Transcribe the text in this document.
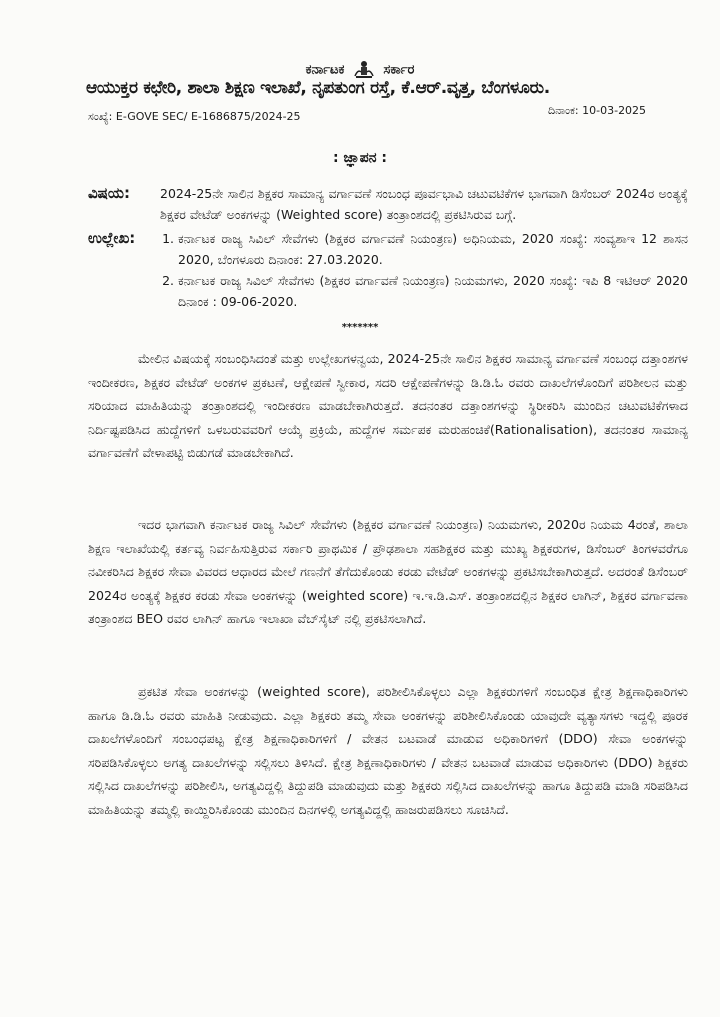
ಕರ್ನಾಟಕ	ಸರ್ಕಾರ
ಆಯುಕ್ತರ ಕಛೇರಿ, ಶಾಲಾ ಶಿಕ್ಷಣ ಇಲಾಖೆ, ನೃಪತುಂಗ ರಸ್ತೆ, ಕೆ.ಆರ್.ವೃತ್ತ, ಬೆಂಗಳೂರು.
ದಿನಾಂಕ: 10-03-2025
ಸಂಖ್ಯೆ: E-GOVE SEC/ E-1686875/2024-25
: ಜ್ಞಾಪನ :
ವಿಷಯ:	2024-25ನೇ ಸಾಲಿನ ಶಿಕ್ಷಕರ ಸಾಮಾನ್ಯ ವರ್ಗಾವಣೆ ಸಂಬಂಧ ಪೂರ್ವಭಾವಿ ಚಟುವಟಿಕೆಗಳ ಭಾಗವಾಗಿ ಡಿಸೆಂಬರ್ 2024ರ ಅಂತ್ಯಕ್ಕೆ ಶಿಕ್ಷಕರ ವೇಟೆಡ್ ಅಂಕಗಳನ್ನು (Weighted score) ತಂತ್ರಾಂಶದಲ್ಲಿ ಪ್ರಕಟಿಸಿರುವ ಬಗ್ಗೆ.
ಉಲ್ಲೇಖ:	1. ಕರ್ನಾಟಕ ರಾಜ್ಯ ಸಿವಿಲ್ ಸೇವೆಗಳು (ಶಿಕ್ಷಕರ ವರ್ಗಾವಣೆ ನಿಯಂತ್ರಣ) ಅಧಿನಿಯಮ, 2020 ಸಂಖ್ಯೆ: ಸಂವ್ಯಶಾಇ 12 ಶಾಸನ 2020, ಬೆಂಗಳೂರು ದಿನಾಂಕ: 27.03.2020.
2. ಕರ್ನಾಟಕ ರಾಜ್ಯ ಸಿವಿಲ್ ಸೇವೆಗಳು (ಶಿಕ್ಷಕರ ವರ್ಗಾವಣೆ ನಿಯಂತ್ರಣ) ನಿಯಮಗಳು, 2020 ಸಂಖ್ಯೆ: ಇಪಿ 8 ಇಟಿಆರ್ 2020 ದಿನಾಂಕ : 09-06-2020.
*******

ಮೇಲಿನ ವಿಷಯಕ್ಕೆ ಸಂಬಂಧಿಸಿದಂತೆ ಮತ್ತು ಉಲ್ಲೇಖಗಳನ್ವಯ, 2024-25ನೇ ಸಾಲಿನ ಶಿಕ್ಷಕರ ಸಾಮಾನ್ಯ ವರ್ಗಾವಣೆ ಸಂಬಂಧ ದತ್ತಾಂಶಗಳ ಇಂದೀಕರಣ, ಶಿಕ್ಷಕರ ವೇಟೆಡ್ ಅಂಕಗಳ ಪ್ರಕಟಣೆ, ಆಕ್ಷೇಪಣೆ ಸ್ವೀಕಾರ, ಸದರಿ ಆಕ್ಷೇಪಣೆಗಳನ್ನು ಡಿ.ಡಿ.ಓ ರವರು ದಾಖಲೆಗಳೊಂದಿಗೆ ಪರಿಶೀಲನ ಮತ್ತು ಸರಿಯಾದ ಮಾಹಿತಿಯನ್ನು ತಂತ್ರಾಂಶದಲ್ಲಿ ಇಂದೀಕರಣ ಮಾಡಬೇಕಾಗಿರುತ್ತದೆ. ತದನಂತರ ದತ್ತಾಂಶಗಳನ್ನು ಸ್ಥಿರೀಕರಿಸಿ ಮುಂದಿನ ಚಟುವಟಿಕೆಗಳಾದ ನಿರ್ದಿಷ್ಟಪಡಿಸಿದ ಹುದ್ದೆಗಳಿಗೆ ಒಳಬರುವವರಿಗೆ ಆಯ್ಕೆ ಪ್ರಕ್ರಿಯೆ, ಹುದ್ದೆಗಳ ಸರ್ಮಪಕ ಮರುಹಂಚಿಕೆ(Rationalisation), ತದನಂತರ ಸಾಮಾನ್ಯ ವರ್ಗಾವಣೆಗೆ ವೇಳಾಪಟ್ಟಿ ಬಿಡುಗಡೆ ಮಾಡಬೇಕಾಗಿದೆ.

ಇದರ ಭಾಗವಾಗಿ ಕರ್ನಾಟಕ ರಾಜ್ಯ ಸಿವಿಲ್ ಸೇವೆಗಳು (ಶಿಕ್ಷಕರ ವರ್ಗಾವಣೆ ನಿಯಂತ್ರಣ) ನಿಯಮಗಳು, 2020ರ ನಿಯಮ 4ರಂತೆ, ಶಾಲಾ ಶಿಕ್ಷಣ ಇಲಾಖೆಯಲ್ಲಿ ಕರ್ತವ್ಯ ನಿರ್ವಹಿಸುತ್ತಿರುವ ಸರ್ಕಾರಿ ಪ್ರಾಥಮಿಕ / ಪ್ರೌಢಶಾಲಾ ಸಹಶಿಕ್ಷಕರ ಮತ್ತು ಮುಖ್ಯ ಶಿಕ್ಷಕರುಗಳ, ಡಿಸೆಂಬರ್ ತಿಂಗಳವರೆಗೂ ನವೀಕರಿಸಿದ ಶಿಕ್ಷಕರ ಸೇವಾ ವಿವರದ ಆಧಾರದ ಮೇಲೆ ಗಣನೆಗೆ ತೆಗೆದುಕೊಂಡು ಕರಡು ವೇಟೆಡ್ ಅಂಕಗಳನ್ನು ಪ್ರಕಟಿಸಬೇಕಾಗಿರುತ್ತದೆ. ಅದರಂತೆ ಡಿಸೆಂಬರ್ 2024ರ ಅಂತ್ಯಕ್ಕೆ ಶಿಕ್ಷಕರ ಕರಡು ಸೇವಾ ಅಂಕಗಳನ್ನು (weighted score) ಇ.ಇ.ಡಿ.ಎಸ್. ತಂತ್ರಾಂಶದಲ್ಲಿನ ಶಿಕ್ಷಕರ ಲಾಗಿನ್, ಶಿಕ್ಷಕರ ವರ್ಗಾವಣಾ ತಂತ್ರಾಂಶದ BEO ರವರ ಲಾಗಿನ್ ಹಾಗೂ ಇಲಾಖಾ ವೆಬ್‌ಸೈಟ್ ನಲ್ಲಿ ಪ್ರಕಟಿಸಲಾಗಿದೆ.

ಪ್ರಕಟಿತ ಸೇವಾ ಅಂಕಗಳನ್ನು (weighted score), ಪರಿಶೀಲಿಸಿಕೊಳ್ಳಲು ಎಲ್ಲಾ ಶಿಕ್ಷಕರುಗಳಿಗೆ ಸಂಬಂಧಿತ ಕ್ಷೇತ್ರ ಶಿಕ್ಷಣಾಧಿಕಾರಿಗಳು ಹಾಗೂ ಡಿ.ಡಿ.ಓ ರವರು ಮಾಹಿತಿ ನೀಡುವುದು. ಎಲ್ಲಾ ಶಿಕ್ಷಕರು ತಮ್ಮ ಸೇವಾ ಅಂಕಗಳನ್ನು ಪರಿಶೀಲಿಸಿಕೊಂಡು ಯಾವುದೇ ವ್ಯತ್ಯಾಸಗಳು ಇದ್ದಲ್ಲಿ ಪೂರಕ ದಾಖಲೆಗಳೊಂದಿಗೆ ಸಂಬಂಧಪಟ್ಟ ಕ್ಷೇತ್ರ ಶಿಕ್ಷಣಾಧಿಕಾರಿಗಳಿಗೆ / ವೇತನ ಬಟವಾಡೆ ಮಾಡುವ ಅಧಿಕಾರಿಗಳಿಗೆ (DDO) ಸೇವಾ ಅಂಕಗಳನ್ನು ಸರಿಪಡಿಸಿಕೊಳ್ಳಲು ಅಗತ್ಯ ದಾಖಲೆಗಳನ್ನು ಸಲ್ಲಿಸಲು ತಿಳಿಸಿದೆ. ಕ್ಷೇತ್ರ ಶಿಕ್ಷಣಾಧಿಕಾರಿಗಳು / ವೇತನ ಬಟವಾಡೆ ಮಾಡುವ ಅಧಿಕಾರಿಗಳು (DDO) ಶಿಕ್ಷಕರು ಸಲ್ಲಿಸಿದ ದಾಖಲೆಗಳನ್ನು ಪರಿಶೀಲಿಸಿ, ಅಗತ್ಯವಿದ್ದಲ್ಲಿ ತಿದ್ದುಪಡಿ ಮಾಡುವುದು ಮತ್ತು ಶಿಕ್ಷಕರು ಸಲ್ಲಿಸಿದ ದಾಖಲೆಗಳನ್ನು ಹಾಗೂ ತಿದ್ದುಪಡಿ ಮಾಡಿ ಸರಿಪಡಿಸಿದ ಮಾಹಿತಿಯನ್ನು ತಮ್ಮಲ್ಲಿ ಕಾಯ್ದಿರಿಸಿಕೊಂಡು ಮುಂದಿನ ದಿನಗಳಲ್ಲಿ ಅಗತ್ಯವಿದ್ದಲ್ಲಿ ಹಾಜರುಪಡಿಸಲು ಸೂಚಿಸಿದೆ.
